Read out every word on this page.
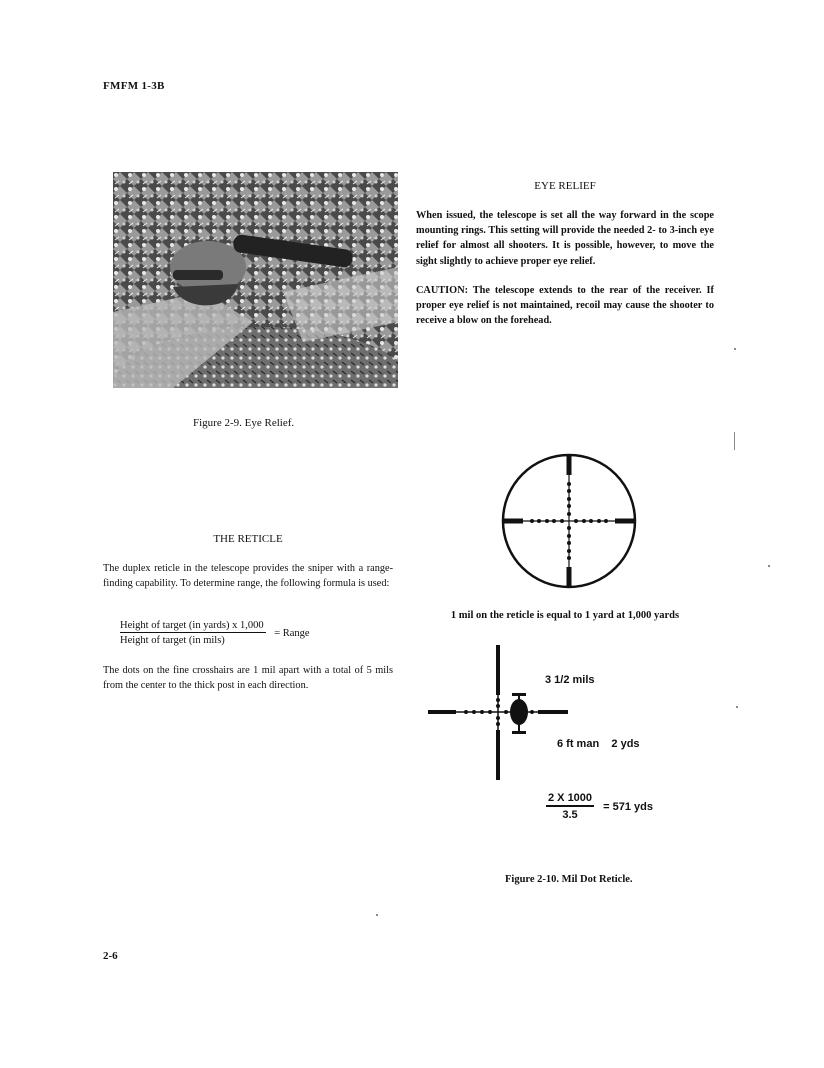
FMFM 1-3B
Figure 2-9. Eye Relief.
EYE RELIEF
When issued, the telescope is set all the way forward in the scope mounting rings. This setting will provide the needed 2- to 3-inch eye relief for almost all shooters. It is possible, however, to move the sight slightly to achieve proper eye relief.
CAUTION: The telescope extends to the rear of the receiver. If proper eye relief is not maintained, recoil may cause the shooter to receive a blow on the forehead.
THE RETICLE
The duplex reticle in the telescope provides the sniper with a range-finding capability. To determine range, the following formula is used:
$\frac{\text{Height of target (in yards) x 1,000}}{\text{Height of target (in mils)}}$ = Range
The dots on the fine crosshairs are 1 mil apart with a total of 5 mils from the center to the thick post in each direction.
1 mil on the reticle is equal to 1 yard at 1,000 yards
3 1/2 mils
6 ft man 2 yds
$\frac{2 X 1000}{3.5} = 571$ yds
Figure 2-10. Mil Dot Reticle.
2-6
